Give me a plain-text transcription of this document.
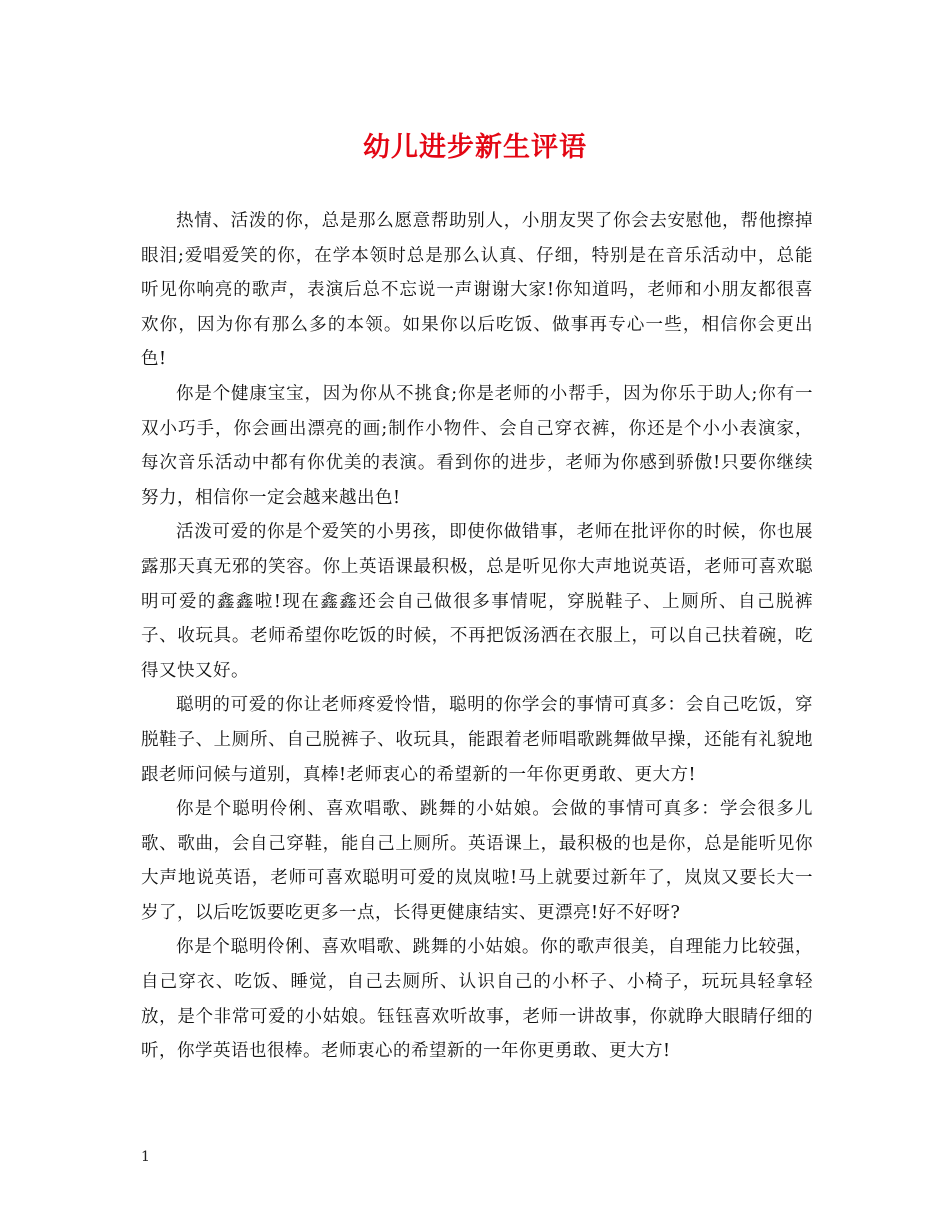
幼儿进步新生评语

热情、活泼的你，总是那么愿意帮助别人，小朋友哭了你会去安慰他，帮他擦掉眼泪;爱唱爱笑的你，在学本领时总是那么认真、仔细，特别是在音乐活动中，总能听见你响亮的歌声，表演后总不忘说一声谢谢大家!你知道吗，老师和小朋友都很喜欢你，因为你有那么多的本领。如果你以后吃饭、做事再专心一些，相信你会更出色!

你是个健康宝宝，因为你从不挑食;你是老师的小帮手，因为你乐于助人;你有一双小巧手，你会画出漂亮的画;制作小物件、会自己穿衣裤，你还是个小小表演家，每次音乐活动中都有你优美的表演。看到你的进步，老师为你感到骄傲!只要你继续努力，相信你一定会越来越出色!

活泼可爱的你是个爱笑的小男孩，即使你做错事，老师在批评你的时候，你也展露那天真无邪的笑容。你上英语课最积极，总是听见你大声地说英语，老师可喜欢聪明可爱的鑫鑫啦!现在鑫鑫还会自己做很多事情呢，穿脱鞋子、上厕所、自己脱裤子、收玩具。老师希望你吃饭的时候，不再把饭汤洒在衣服上，可以自己扶着碗，吃得又快又好。

聪明的可爱的你让老师疼爱怜惜，聪明的你学会的事情可真多：会自己吃饭，穿脱鞋子、上厕所、自己脱裤子、收玩具，能跟着老师唱歌跳舞做早操，还能有礼貌地跟老师问候与道别，真棒!老师衷心的希望新的一年你更勇敢、更大方!

你是个聪明伶俐、喜欢唱歌、跳舞的小姑娘。会做的事情可真多：学会很多儿歌、歌曲，会自己穿鞋，能自己上厕所。英语课上，最积极的也是你，总是能听见你大声地说英语，老师可喜欢聪明可爱的岚岚啦!马上就要过新年了，岚岚又要长大一岁了，以后吃饭要吃更多一点，长得更健康结实、更漂亮!好不好呀?

你是个聪明伶俐、喜欢唱歌、跳舞的小姑娘。你的歌声很美，自理能力比较强，自己穿衣、吃饭、睡觉，自己去厕所、认识自己的小杯子、小椅子，玩玩具轻拿轻放，是个非常可爱的小姑娘。钰钰喜欢听故事，老师一讲故事，你就睁大眼睛仔细的听，你学英语也很棒。老师衷心的希望新的一年你更勇敢、更大方!

1
